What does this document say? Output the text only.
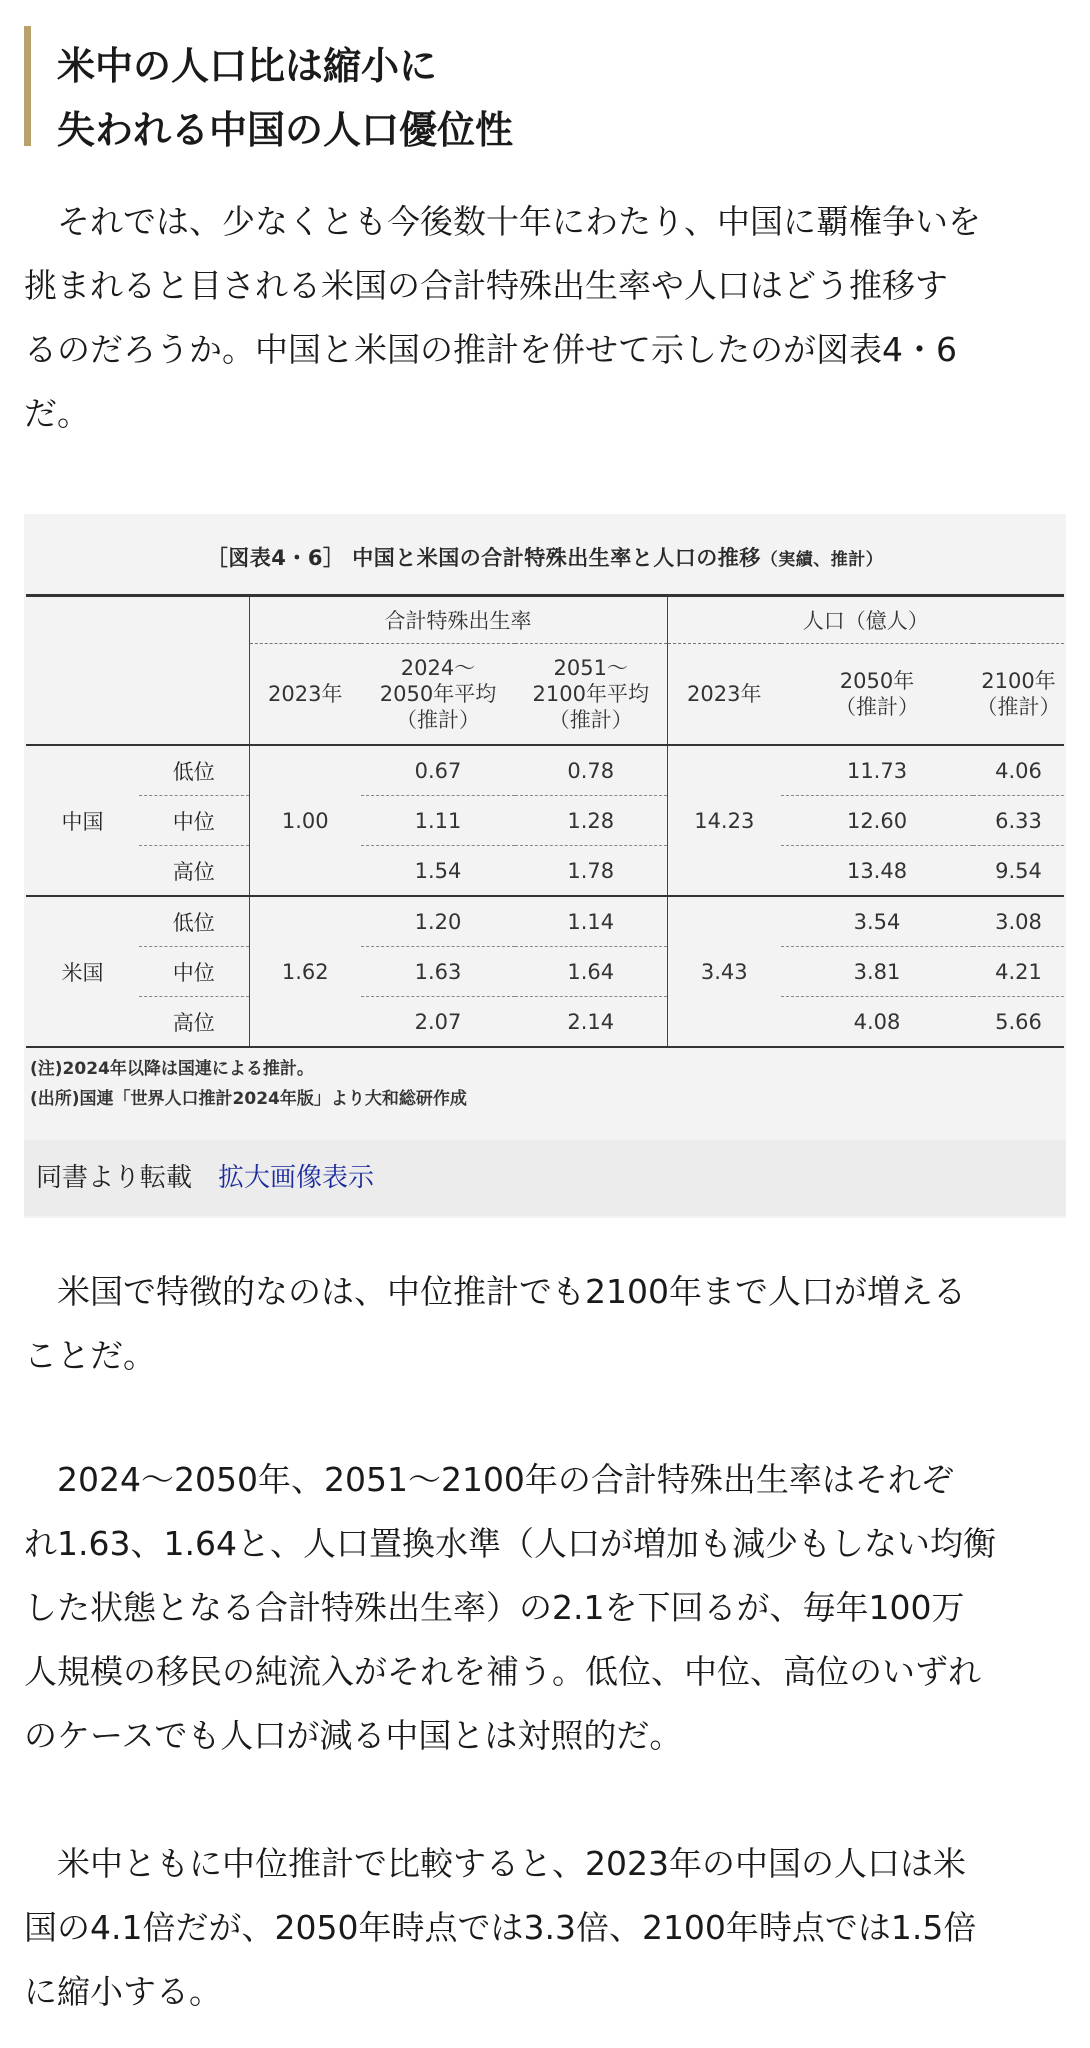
米中の人口比は縮小に
失われる中国の人口優位性

　それでは、少なくとも今後数十年にわたり、中国に覇権争いを
挑まれると目される米国の合計特殊出生率や人口はどう推移す
るのだろうか。中国と米国の推計を併せて示したのが図表4・6
だ。

［図表4・6］ 中国と米国の合計特殊出生率と人口の推移（実績、推計）
		合計特殊出生率			人口（億人）		
		2023年	2024～
2050年平均
（推計）	2051～
2100年平均
（推計）	2023年	2050年
（推計）	2100年
（推計）
中国	低位	1.00	0.67	0.78	14.23	11.73	4.06
	中位		1.11	1.28		12.60	6.33
	高位		1.54	1.78		13.48	9.54
米国	低位	1.62	1.20	1.14	3.43	3.54	3.08
	中位		1.63	1.64		3.81	4.21
	高位		2.07	2.14		4.08	5.66
(注)2024年以降は国連による推計。
(出所)国連「世界人口推計2024年版」より大和総研作成
同書より転載 拡大画像表示

　米国で特徴的なのは、中位推計でも2100年まで人口が増える
ことだ。

　2024～2050年、2051～2100年の合計特殊出生率はそれぞ
れ1.63、1.64と、人口置換水準（人口が増加も減少もしない均衡
した状態となる合計特殊出生率）の2.1を下回るが、毎年100万
人規模の移民の純流入がそれを補う。低位、中位、高位のいずれ
のケースでも人口が減る中国とは対照的だ。

　米中ともに中位推計で比較すると、2023年の中国の人口は米
国の4.1倍だが、2050年時点では3.3倍、2100年時点では1.5倍
に縮小する。
